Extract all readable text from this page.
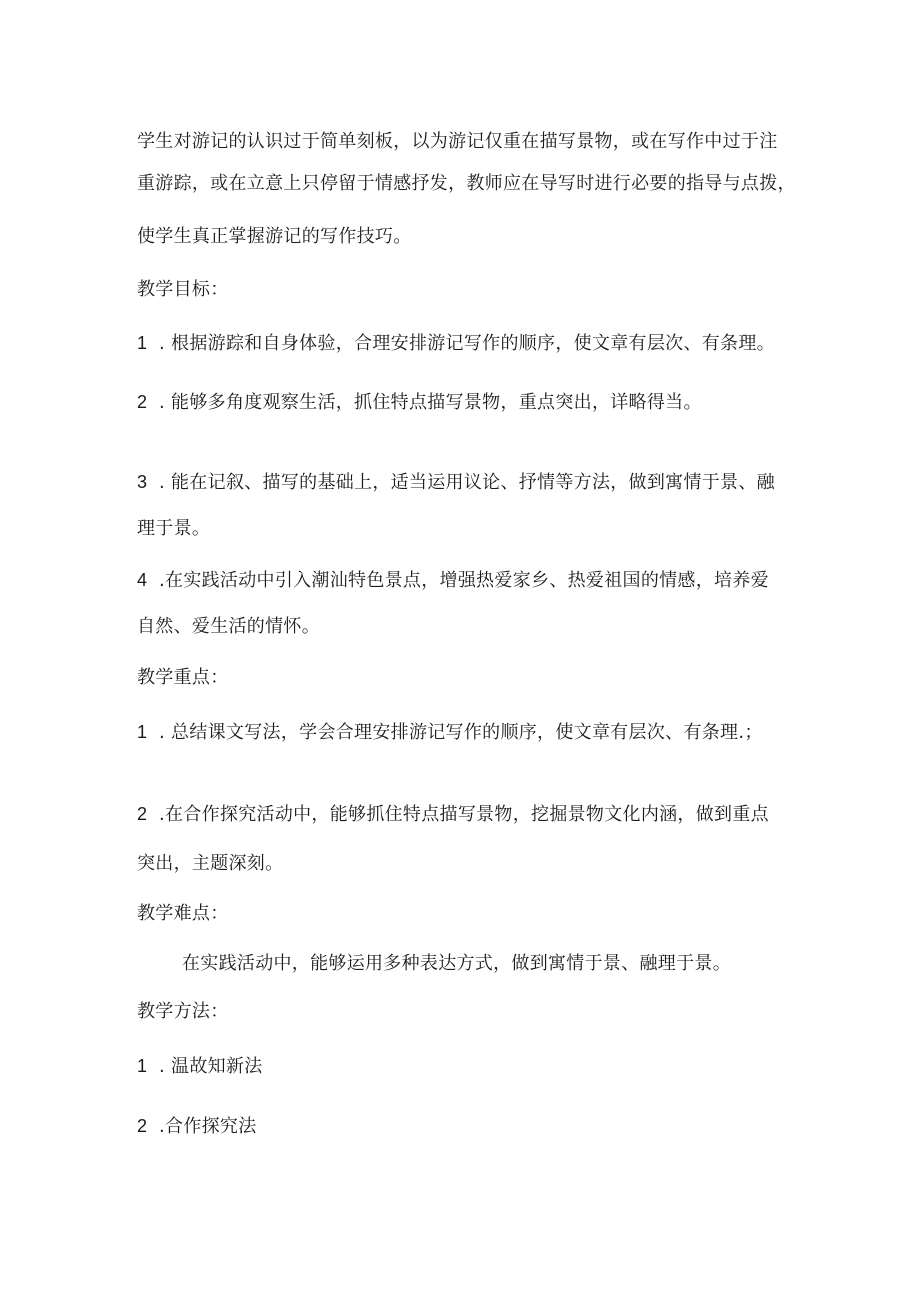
学生对游记的认识过于简单刻板，以为游记仅重在描写景物，或在写作中过于注
重游踪，或在立意上只停留于情感抒发，教师应在导写时进行必要的指导与点拨，
使学生真正掌握游记的写作技巧。
教学目标：
1 . 根据游踪和自身体验，合理安排游记写作的顺序，使文章有层次、有条理。
2 . 能够多角度观察生活，抓住特点描写景物，重点突出，详略得当。
3 . 能在记叙、描写的基础上，适当运用议论、抒情等方法，做到寓情于景、融
理于景。
4 .在实践活动中引入潮汕特色景点，增强热爱家乡、热爱祖国的情感，培养爱
自然、爱生活的情怀。
教学重点：
1 . 总结课文写法，学会合理安排游记写作的顺序，使文章有层次、有条理.；
2 .在合作探究活动中，能够抓住特点描写景物，挖掘景物文化内涵，做到重点
突出，主题深刻。
教学难点：
在实践活动中，能够运用多种表达方式，做到寓情于景、融理于景。
教学方法：
1 . 温故知新法
2 .合作探究法
